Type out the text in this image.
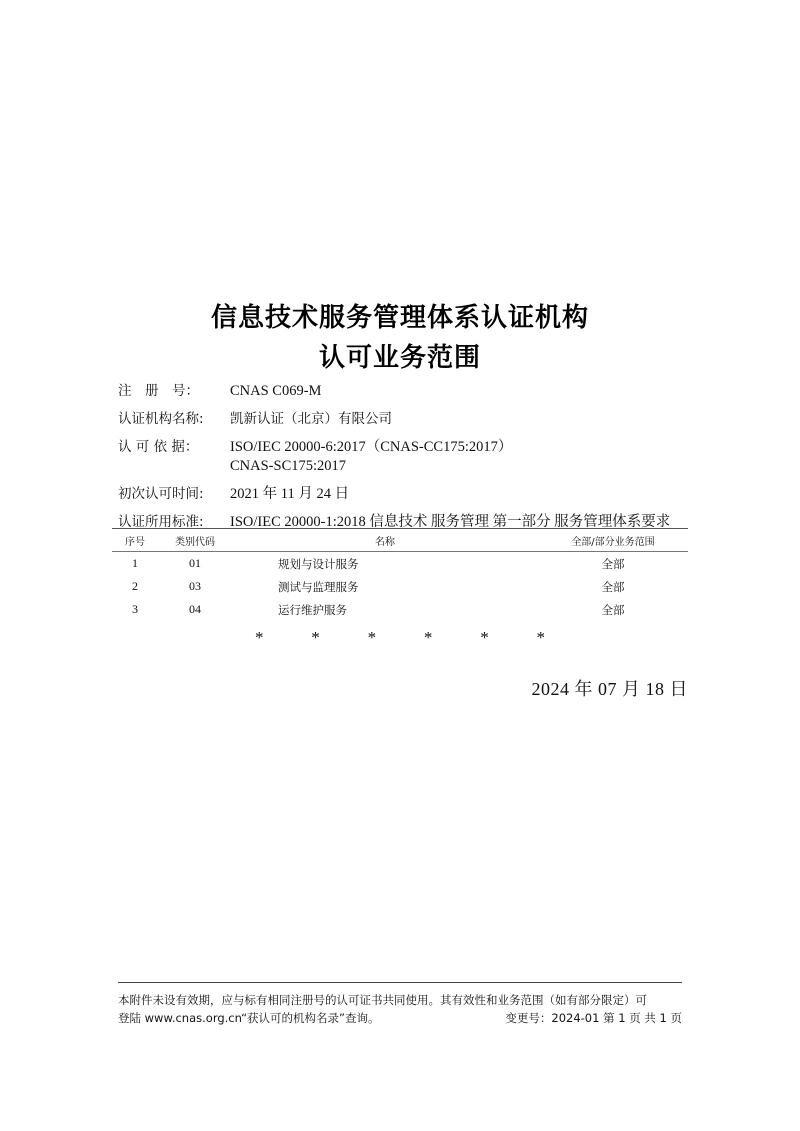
信息技术服务管理体系认证机构
认可业务范围
注　册　号：	CNAS C069-M
认证机构名称:	凯新认证（北京）有限公司
认 可 依 据：	ISO/IEC 20000-6:2017（CNAS-CC175:2017）
CNAS-SC175:2017
初次认可时间:	2021 年 11 月 24 日
认证所用标准:	ISO/IEC 20000-1:2018 信息技术 服务管理 第一部分 服务管理体系要求
序号	类别代码	名称	全部/部分业务范围
1	01	规划与设计服务	全部
2	03	测试与监理服务	全部
3	04	运行维护服务	全部
*	*	*	*	*	*
2024 年 07 月 18 日
本附件未设有效期，应与标有相同注册号的认可证书共同使用。其有效性和业务范围（如有部分限定）可
登陆 www.cnas.org.cn“获认可的机构名录”查询。	变更号：2024-01 第 1 页 共 1 页
